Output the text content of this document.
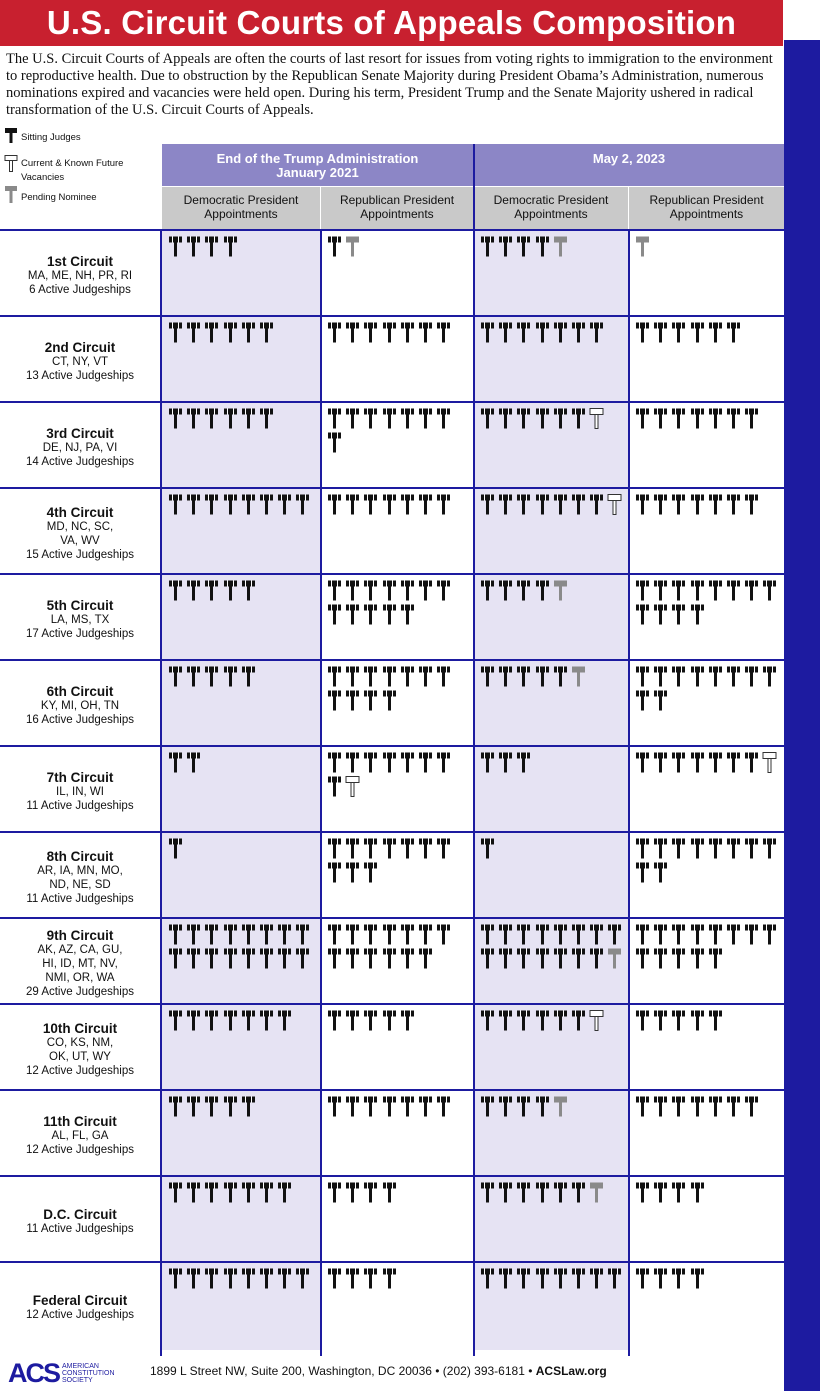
U.S. Circuit Courts of Appeals Composition
The U.S. Circuit Courts of Appeals are often the courts of last resort for issues from voting rights to immigration to the environment to reproductive health. Due to obstruction by the Republican Senate Majority during President Obama’s Administration, numerous nominations expired and vacancies were held open. During his term, President Trump and the Senate Majority ushered in radical transformation of the U.S. Circuit Courts of Appeals.
Sitting Judges
Current & Known Future
Vacancies
Pending Nominee
End of the Trump Administration
January 2021
May 2, 2023
Democratic President Appointments
Republican President Appointments
Democratic President Appointments
Republican President Appointments
1st Circuit
MA, ME, NH, PR, RI
6 Active Judgeships
2nd Circuit
CT, NY, VT
13 Active Judgeships
3rd Circuit
DE, NJ, PA, VI
14 Active Judgeships
4th Circuit
MD, NC, SC,
VA, WV
15 Active Judgeships
5th Circuit
LA, MS, TX
17 Active Judgeships
6th Circuit
KY, MI, OH, TN
16 Active Judgeships
7th Circuit
IL, IN, WI
11 Active Judgeships
8th Circuit
AR, IA, MN, MO,
ND, NE, SD
11 Active Judgeships
9th Circuit
AK, AZ, CA, GU,
HI, ID, MT, NV,
NMI, OR, WA
29 Active Judgeships
10th Circuit
CO, KS, NM,
OK, UT, WY
12 Active Judgeships
11th Circuit
AL, FL, GA
12 Active Judgeships
D.C. Circuit
11 Active Judgeships
Federal Circuit
12 Active Judgeships
ACS AMERICAN
CONSTITUTION
SOCIETY
1899 L Street NW, Suite 200, Washington, DC 20036 • (202) 393-6181 • ACSLaw.org
